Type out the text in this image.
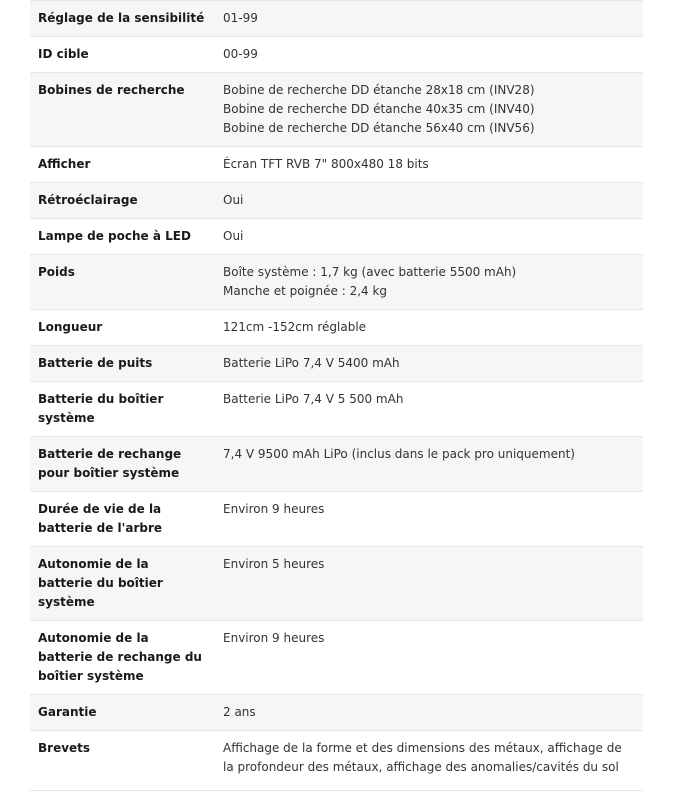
Réglage de la sensibilité	01-99

ID cible	00-99

Bobines de recherche	Bobine de recherche DD étanche 28x18 cm (INV28)
Bobine de recherche DD étanche 40x35 cm (INV40)
Bobine de recherche DD étanche 56x40 cm (INV56)

Afficher	Écran TFT RVB 7" 800x480 18 bits

Rétroéclairage	Oui

Lampe de poche à LED	Oui

Poids	Boîte système : 1,7 kg (avec batterie 5500 mAh)
Manche et poignée : 2,4 kg

Longueur	121cm -152cm réglable

Batterie de puits	Batterie LiPo 7,4 V 5400 mAh

Batterie du boîtier système	Batterie LiPo 7,4 V 5 500 mAh

Batterie de rechange pour boîtier système	7,4 V 9500 mAh LiPo (inclus dans le pack pro uniquement)

Durée de vie de la batterie de l'arbre	Environ 9 heures

Autonomie de la batterie du boîtier système	Environ 5 heures

Autonomie de la batterie de rechange du boîtier système	Environ 9 heures

Garantie	2 ans

Brevets	Affichage de la forme et des dimensions des métaux, affichage de la profondeur des métaux, affichage des anomalies/cavités du sol
